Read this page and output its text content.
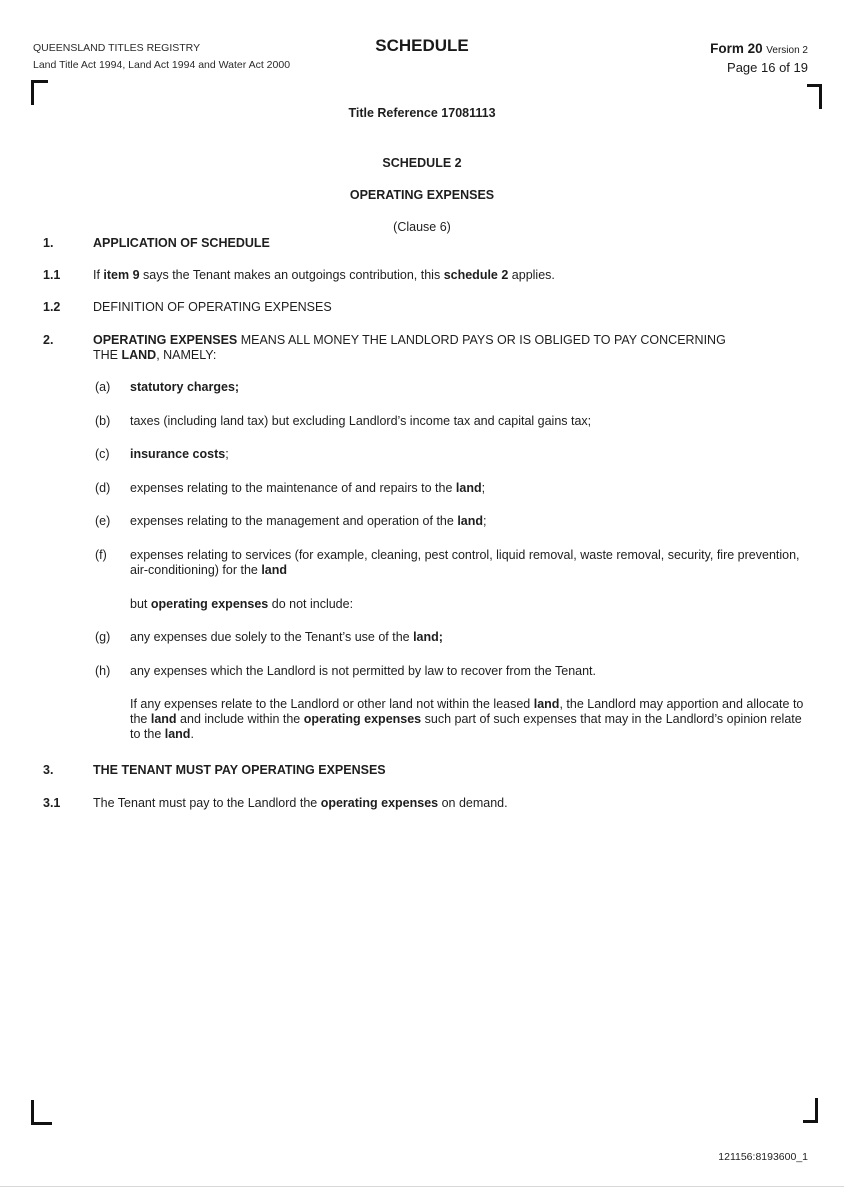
QUEENSLAND TITLES REGISTRY
Land Title Act 1994, Land Act 1994 and Water Act 2000
SCHEDULE	Form 20 Version 2
Page 16 of 19
Title Reference 17081113
SCHEDULE 2
OPERATING EXPENSES
(Clause 6)
1.	APPLICATION OF SCHEDULE
1.1	If item 9 says the Tenant makes an outgoings contribution, this schedule 2 applies.
1.2	DEFINITION OF OPERATING EXPENSES
2.	OPERATING EXPENSES MEANS ALL MONEY THE LANDLORD PAYS OR IS OBLIGED TO PAY CONCERNING THE LAND, NAMELY:
(a) statutory charges;
(b) taxes (including land tax) but excluding Landlord’s income tax and capital gains tax;
(c) insurance costs;
(d) expenses relating to the maintenance of and repairs to the land;
(e) expenses relating to the management and operation of the land;
(f) expenses relating to services (for example, cleaning, pest control, liquid removal, waste removal, security, fire prevention, air-conditioning) for the land
but operating expenses do not include:
(g) any expenses due solely to the Tenant’s use of the land;
(h) any expenses which the Landlord is not permitted by law to recover from the Tenant.
If any expenses relate to the Landlord or other land not within the leased land, the Landlord may apportion and allocate to the land and include within the operating expenses such part of such expenses that may in the Landlord’s opinion relate to the land.
3.	THE TENANT MUST PAY OPERATING EXPENSES
3.1	The Tenant must pay to the Landlord the operating expenses on demand.
121156:8193600_1
